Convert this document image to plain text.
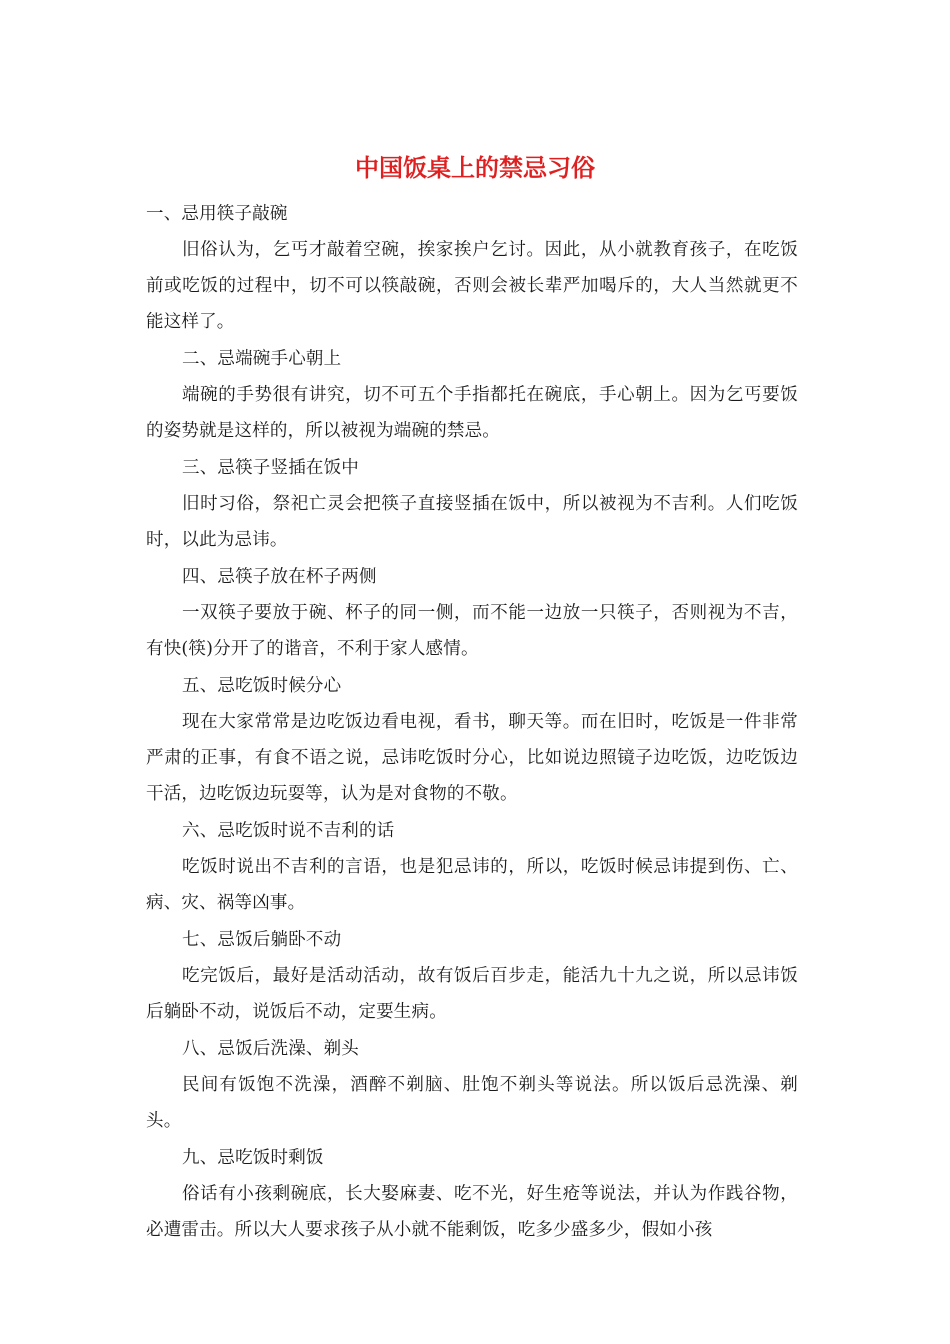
中国饭桌上的禁忌习俗

一、忌用筷子敲碗

旧俗认为，乞丐才敲着空碗，挨家挨户乞讨。因此，从小就教育孩子，在吃饭前或吃饭的过程中，切不可以筷敲碗，否则会被长辈严加喝斥的，大人当然就更不能这样了。

二、忌端碗手心朝上

端碗的手势很有讲究，切不可五个手指都托在碗底，手心朝上。因为乞丐要饭的姿势就是这样的，所以被视为端碗的禁忌。

三、忌筷子竖插在饭中

旧时习俗，祭祀亡灵会把筷子直接竖插在饭中，所以被视为不吉利。人们吃饭时，以此为忌讳。

四、忌筷子放在杯子两侧

一双筷子要放于碗、杯子的同一侧，而不能一边放一只筷子，否则视为不吉，有快(筷)分开了的谐音，不利于家人感情。

五、忌吃饭时候分心

现在大家常常是边吃饭边看电视，看书，聊天等。而在旧时，吃饭是一件非常严肃的正事，有食不语之说，忌讳吃饭时分心，比如说边照镜子边吃饭，边吃饭边干活，边吃饭边玩耍等，认为是对食物的不敬。

六、忌吃饭时说不吉利的话

吃饭时说出不吉利的言语，也是犯忌讳的，所以，吃饭时候忌讳提到伤、亡、病、灾、祸等凶事。

七、忌饭后躺卧不动

吃完饭后，最好是活动活动，故有饭后百步走，能活九十九之说，所以忌讳饭后躺卧不动，说饭后不动，定要生病。

八、忌饭后洗澡、剃头

民间有饭饱不洗澡，酒醉不剃脑、肚饱不剃头等说法。所以饭后忌洗澡、剃头。

九、忌吃饭时剩饭

俗话有小孩剩碗底，长大娶麻妻、吃不光，好生疮等说法，并认为作践谷物，必遭雷击。所以大人要求孩子从小就不能剩饭，吃多少盛多少，假如小孩
